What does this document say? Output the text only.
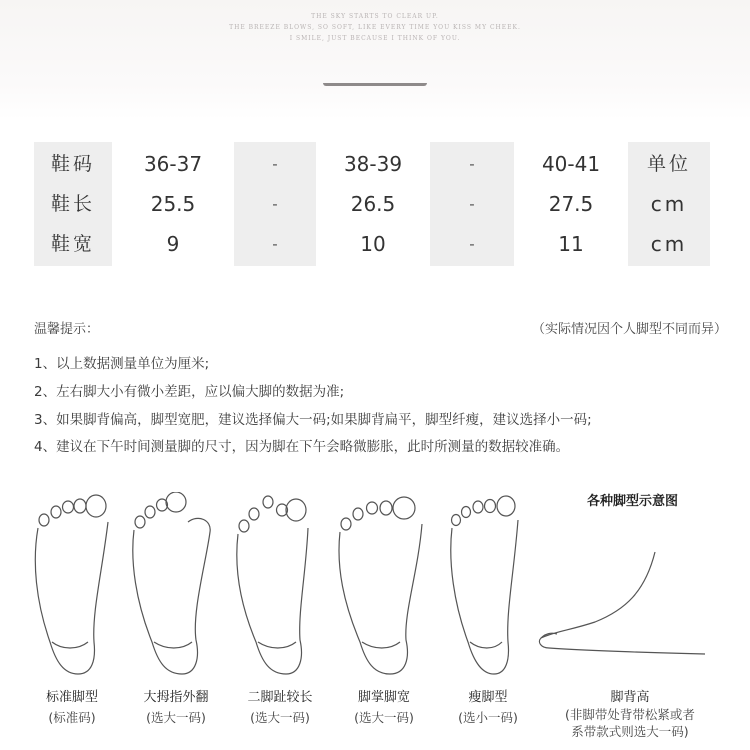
THE SKY STARTS TO CLEAR UP.
THE BREEZE BLOWS, SO SOFT, LIKE EVERY TIME YOU KISS MY CHEEK.
I SMILE, JUST BECAUSE I THINK OF YOU.
鞋码
鞋长
鞋宽
36-37
25.5
9
-
-
-
38-39
26.5
10
-
-
-
40-41
27.5
11
单位
cm
cm
温馨提示：	（实际情况因个人脚型不同而异）
1、以上数据测量单位为厘米;
2、左右脚大小有微小差距，应以偏大脚的数据为准;
3、如果脚背偏高，脚型宽肥，建议选择偏大一码;如果脚背扁平，脚型纤瘦，建议选择小一码;
4、建议在下午时间测量脚的尺寸，因为脚在下午会略微膨胀，此时所测量的数据较准确。
各种脚型示意图
标准脚型
(标准码)
大拇指外翻
(选大一码)
二脚趾较长
(选大一码)
脚掌脚宽
(选大一码)
瘦脚型
(选小一码)
脚背高
(非脚带处背带松紧或者
系带款式则选大一码)
